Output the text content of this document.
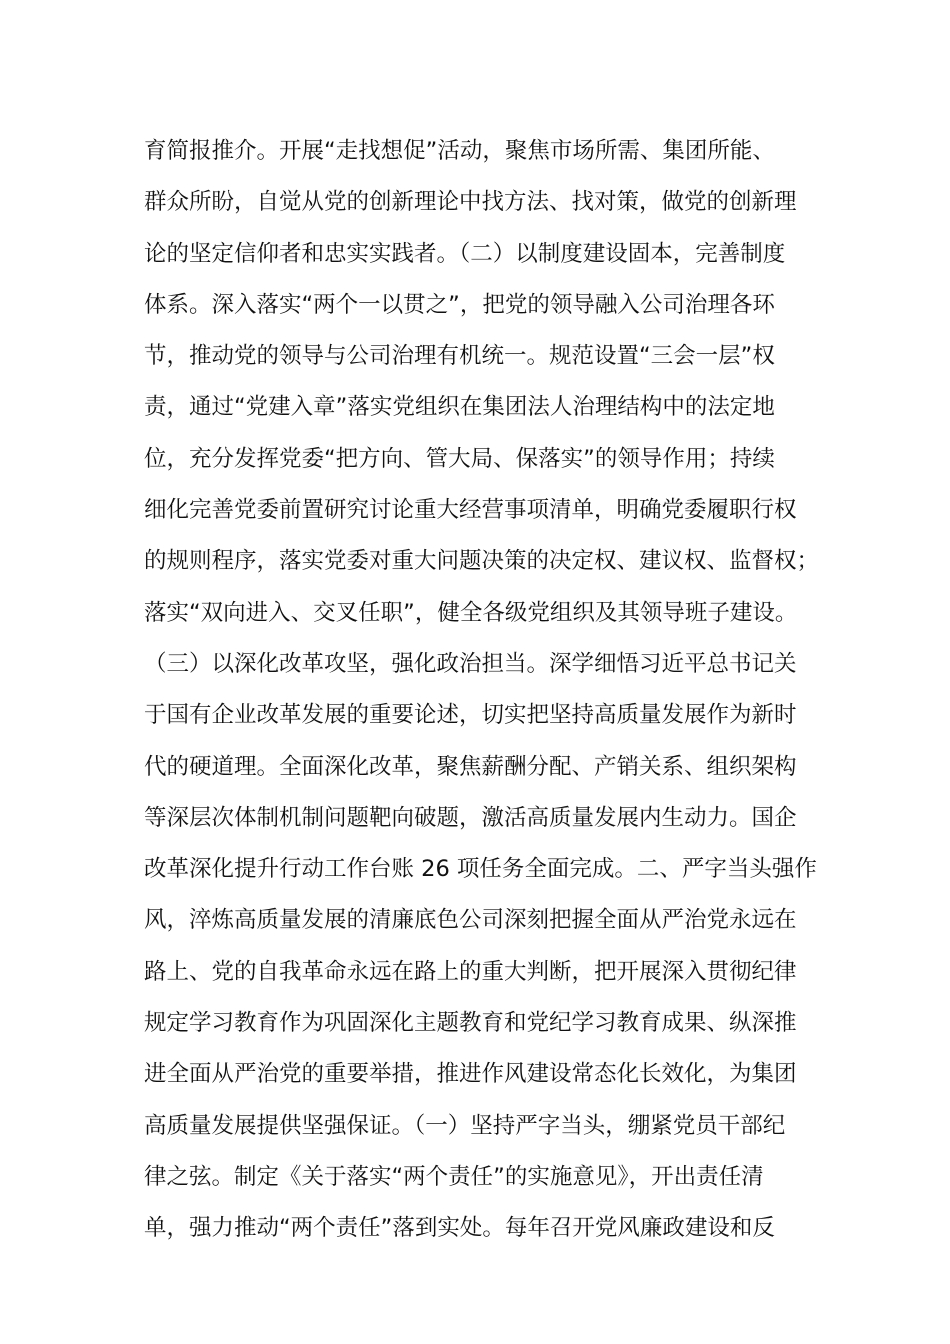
育简报推介。开展“走找想促”活动，聚焦市场所需、集团所能、
群众所盼，自觉从党的创新理论中找方法、找对策，做党的创新理
论的坚定信仰者和忠实实践者。（二）以制度建设固本，完善制度
体系。深入落实“两个一以贯之”，把党的领导融入公司治理各环
节，推动党的领导与公司治理有机统一。规范设置“三会一层”权
责，通过“党建入章”落实党组织在集团法人治理结构中的法定地
位，充分发挥党委“把方向、管大局、保落实”的领导作用；持续
细化完善党委前置研究讨论重大经营事项清单，明确党委履职行权
的规则程序，落实党委对重大问题决策的决定权、建议权、监督权；
落实“双向进入、交叉任职”，健全各级党组织及其领导班子建设。
（三）以深化改革攻坚，强化政治担当。深学细悟习近平总书记关
于国有企业改革发展的重要论述，切实把坚持高质量发展作为新时
代的硬道理。全面深化改革，聚焦薪酬分配、产销关系、组织架构
等深层次体制机制问题靶向破题，激活高质量发展内生动力。国企
改革深化提升行动工作台账 26 项任务全面完成。二、严字当头强作
风，淬炼高质量发展的清廉底色公司深刻把握全面从严治党永远在
路上、党的自我革命永远在路上的重大判断，把开展深入贯彻纪律
规定学习教育作为巩固深化主题教育和党纪学习教育成果、纵深推
进全面从严治党的重要举措，推进作风建设常态化长效化，为集团
高质量发展提供坚强保证。（一）坚持严字当头，绷紧党员干部纪
律之弦。制定《关于落实“两个责任”的实施意见》，开出责任清
单，强力推动“两个责任”落到实处。每年召开党风廉政建设和反
